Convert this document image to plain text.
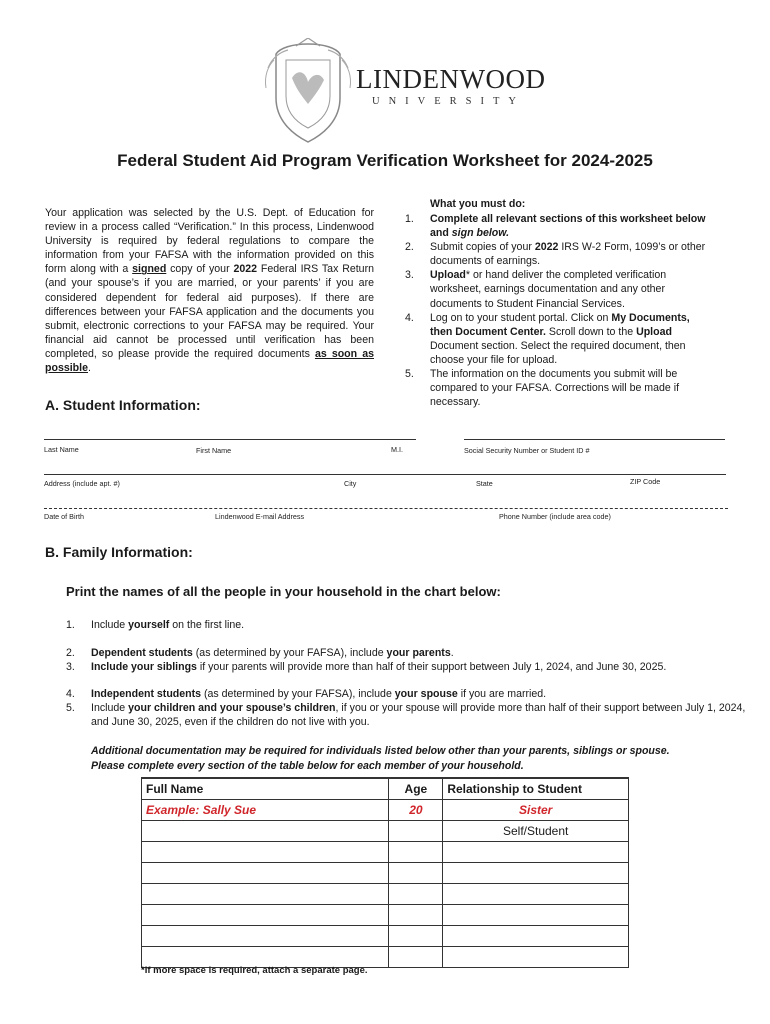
LINDENWOOD
UNIVERSITY
Federal Student Aid Program Verification Worksheet for 2024-2025
Your application was selected by the U.S. Dept. of Education for review in a process called “Verification.” In this process, Lindenwood University is required by federal regulations to compare the information from your FAFSA with the information provided on this form along with a signed copy of your 2022 Federal IRS Tax Return (and your spouse’s if you are married, or your parents’ if you are considered dependent for federal aid purposes). If there are differences between your FAFSA application and the documents you submit, electronic corrections to your FAFSA may be required. Your financial aid cannot be processed until verification has been completed, so please provide the required documents as soon as possible.
What you must do:
1. Complete all relevant sections of this worksheet below and sign below.
2. Submit copies of your 2022 IRS W-2 Form, 1099’s or other documents of earnings.
3. Upload* or hand deliver the completed verification worksheet, earnings documentation and any other documents to Student Financial Services.
4. Log on to your student portal. Click on My Documents, then Document Center. Scroll down to the Upload Document section. Select the required document, then choose your file for upload.
5. The information on the documents you submit will be compared to your FAFSA. Corrections will be made if necessary.
A. Student Information:
Last Name	First Name	M.I.	Social Security Number or Student ID #
Address (include apt. #)	City	State	ZIP Code
Date of Birth	Lindenwood E-mail Address	Phone Number (include area code)
B. Family Information:
Print the names of all the people in your household in the chart below:
1. Include yourself on the first line.
2. Dependent students (as determined by your FAFSA), include your parents.
3. Include your siblings if your parents will provide more than half of their support between July 1, 2024, and June 30, 2025.
4. Independent students (as determined by your FAFSA), include your spouse if you are married.
5. Include your children and your spouse’s children, if you or your spouse will provide more than half of their support between July 1, 2024, and June 30, 2025, even if the children do not live with you.
Additional documentation may be required for individuals listed below other than your parents, siblings or spouse.
Please complete every section of the table below for each member of your household.
Full Name	Age	Relationship to Student
Example: Sally Sue	20	Sister
		Self/Student

*If more space is required, attach a separate page.
